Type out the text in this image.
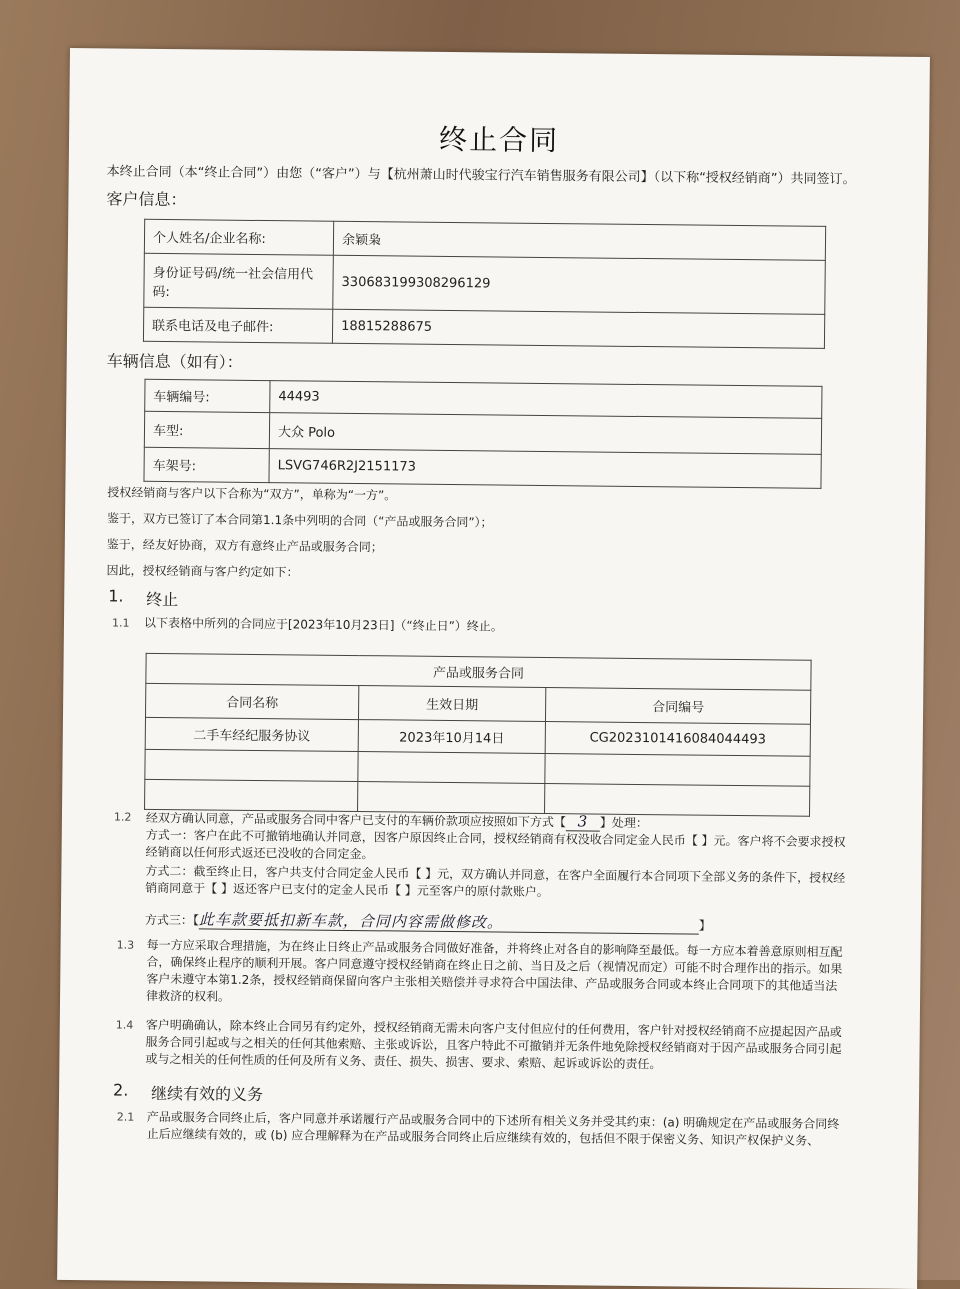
终止合同
本终止合同（本“终止合同”）由您（“客户”）与【杭州萧山时代骏宝行汽车销售服务有限公司】（以下称“授权经销商”）共同签订。
客户信息：
个人姓名/企业名称:	余颖枭
身份证号码/统一社会信用代码:	330683199308296129
联系电话及电子邮件:	18815288675
车辆信息（如有）：
车辆编号:	44493
车型:	大众 Polo
车架号:	LSVG746R2J2151173
授权经销商与客户以下合称为“双方”，单称为“一方”。
鉴于，双方已签订了本合同第1.1条中列明的合同（“产品或服务合同”）；
鉴于，经友好协商，双方有意终止产品或服务合同；
因此，授权经销商与客户约定如下：
1. 终止
1.1 以下表格中所列的合同应于[2023年10月23日]（“终止日”）终止。
产品或服务合同		
合同名称	生效日期	合同编号
二手车经纪服务协议	2023年10月14日	CG2023101416084044493

1.2 经双方确认同意，产品或服务合同中客户已支付的车辆价款项应按照如下方式【 3 】处理：
方式一：客户在此不可撤销地确认并同意，因客户原因终止合同，授权经销商有权没收合同定金人民币【 】元。客户将不会要求授权经销商以任何形式返还已没收的合同定金。
方式二：截至终止日，客户共支付合同定金人民币【 】元，双方确认并同意，在客户全面履行本合同项下全部义务的条件下，授权经销商同意于【 】返还客户已支付的定金人民币【 】元至客户的原付款账户。
方式三：【此车款要抵扣新车款，合同内容需做修改。	】
1.3 每一方应采取合理措施，为在终止日终止产品或服务合同做好准备，并将终止对各自的影响降至最低。每一方应本着善意原则相互配合，确保终止程序的顺利开展。客户同意遵守授权经销商在终止日之前、当日及之后（视情况而定）可能不时合理作出的指示。如果客户未遵守本第1.2条，授权经销商保留向客户主张相关赔偿并寻求符合中国法律、产品或服务合同或本终止合同项下的其他适当法律救济的权利。
1.4 客户明确确认，除本终止合同另有约定外，授权经销商无需未向客户支付但应付的任何费用，客户针对授权经销商不应提起因产品或服务合同引起或与之相关的任何其他索赔、主张或诉讼，且客户特此不可撤销并无条件地免除授权经销商对于因产品或服务合同引起或与之相关的任何性质的任何及所有义务、责任、损失、损害、要求、索赔、起诉或诉讼的责任。
2. 继续有效的义务
2.1 产品或服务合同终止后，客户同意并承诺履行产品或服务合同中的下述所有相关义务并受其约束：(a) 明确规定在产品或服务合同终止后应继续有效的，或 (b) 应合理解释为在产品或服务合同终止后应继续有效的，包括但不限于保密义务、知识产权保护义务、
